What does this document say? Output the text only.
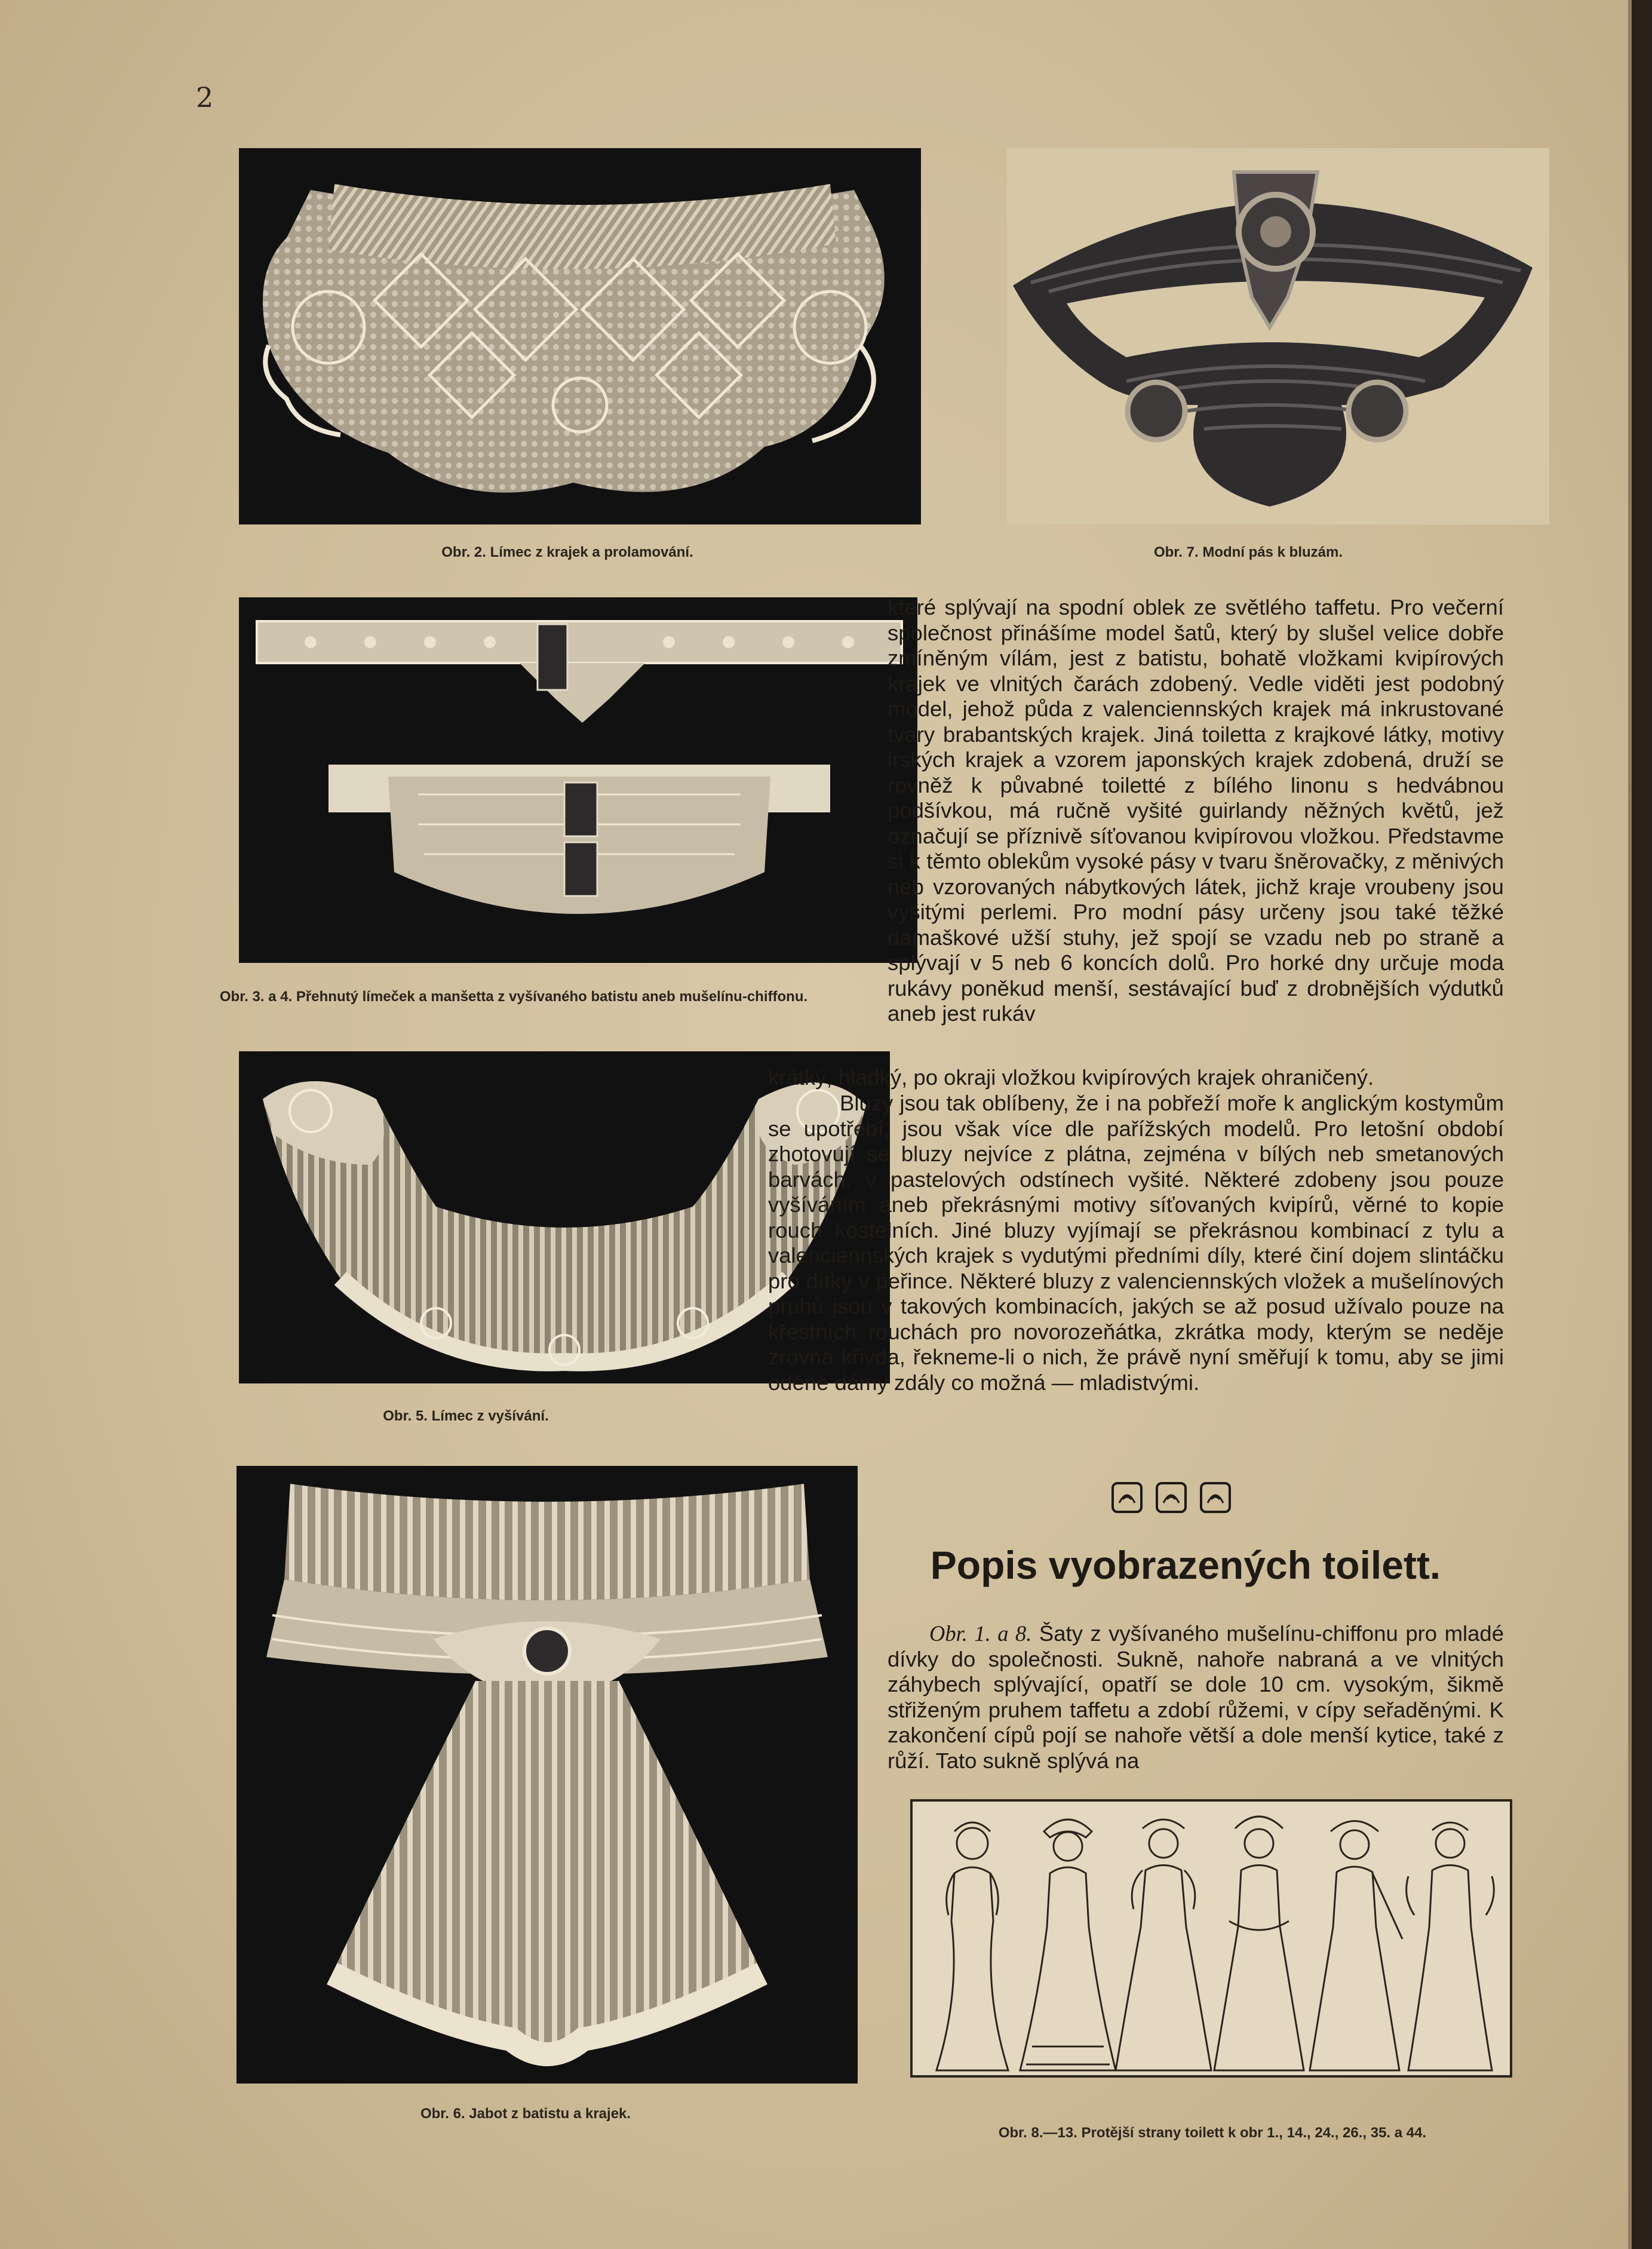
2
Obr. 2. Límec z krajek a prolamování.	Obr. 7. Modní pás k bluzám.
Obr. 3. a 4. Přehnutý límeček a manšetta z vyšívaného batistu aneb mušelínu-chiffonu.
Obr. 5. Límec z vyšívání.
Obr. 6. Jabot z batistu a krajek.

které splývají na spodní oblek ze světlého taffetu. Pro večerní společnost přinášíme model šatů, který by slušel velice dobře zmíněným vílám, jest z batistu, bohatě vložkami kvipírových krajek ve vlnitých čarách zdobený. Vedle viděti jest podobný model, jehož půda z valenciennských krajek má inkrustované tvary brabantských krajek. Jiná toiletta z krajkové látky, motivy irských krajek a vzorem japonských krajek zdobená, druží se rovněž k půvabné toiletté z bílého linonu s hedvábnou podšívkou, má ručně vyšité guirlandy něžných květů, jež označují se příznivě síťovanou kvipírovou vložkou. Představme si k těmto oblekům vysoké pásy v tvaru šněrovačky, z měnivých neb vzorovaných nábytkových látek, jichž kraje vroubeny jsou vyšitými perlemi. Pro modní pásy určeny jsou také těžké damaškové užší stuhy, jež spojí se vzadu neb po straně a splývají v 5 neb 6 koncích dolů. Pro horké dny určuje moda rukávy poněkud menší, sestávající buď z drobnějších výdutků aneb jest rukáv

krátký, hladký, po okraji vložkou kvipírových krajek ohraničený.

Bluzy jsou tak oblíbeny, že i na pobřeží moře k anglickým kostymům se upotřebí, jsou však více dle pařížských modelů. Pro letošní období zhotovují se bluzy nejvíce z plátna, zejména v bílých neb smetanových barvách, v pastelových odstínech vyšité. Některé zdobeny jsou pouze vyšíváním aneb překrásnými motivy síťovaných kvipírů, věrné to kopie rouch kostelních. Jiné bluzy vyjímají se překrásnou kombinací z tylu a valenciennských krajek s vydutými předními díly, které činí dojem slintáčku pro dítky v peřince. Některé bluzy z valenciennských vložek a mušelínových pruhů jsou v takových kombinacích, jakých se až posud užívalo pouze na křestních rouchách pro novorozeňátka, zkrátka mody, kterým se neděje zrovna křivda, řekneme-li o nich, že právě nyní směřují k tomu, aby se jimi oděné dámy zdály co možná — mladistvými.

Popis vyobrazených toilett.

Obr. 1. a 8. Šaty z vyšívaného mušelínu-chiffonu pro mladé dívky do společnosti. Sukně, nahoře nabraná a ve vlnitých záhybech splývající, opatří se dole 10 cm. vysokým, šikmě střiženým pruhem taffetu a zdobí růžemi, v cípy seřaděnými. K zakončení cípů pojí se nahoře větší a dole menší kytice, také z růží. Tato sukně splývá na

Obr. 8.—13. Protější strany toilett k obr 1., 14., 24., 26., 35. a 44.
